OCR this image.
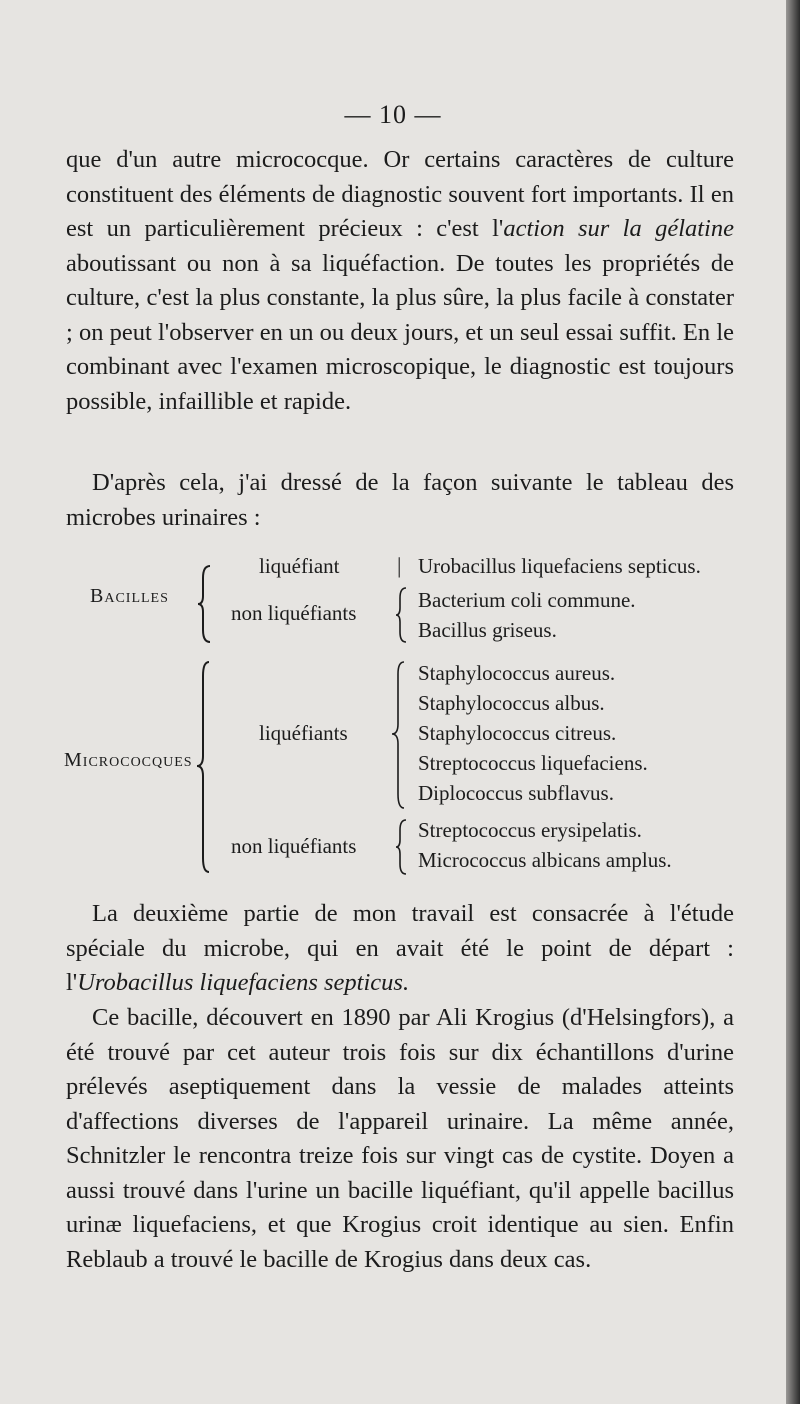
— 10 —

que d'un autre micrococque. Or certains caractères de culture constituent des éléments de diagnostic souvent fort importants. Il en est un particulièrement précieux : c'est l'action sur la gélatine aboutissant ou non à sa liquéfaction. De toutes les propriétés de culture, c'est la plus constante, la plus sûre, la plus facile à constater ; on peut l'observer en un ou deux jours, et un seul essai suffit. En le combinant avec l'examen microscopique, le diagnostic est toujours possible, infaillible et rapide.

D'après cela, j'ai dressé de la façon suivante le tableau des microbes urinaires :

Bacilles
liquéfiant	| Urobacillus liquefaciens septicus.
non liquéfiants
Bacterium coli commune.
Bacillus griseus.
Micrococques
liquéfiants
Staphylococcus aureus.
Staphylococcus albus.
Staphylococcus citreus.
Streptococcus liquefaciens.
Diplococcus subflavus.
non liquéfiants
Streptococcus erysipelatis.
Micrococcus albicans amplus.

La deuxième partie de mon travail est consacrée à l'étude spéciale du microbe, qui en avait été le point de départ : l'Urobacillus liquefaciens septicus.

Ce bacille, découvert en 1890 par Ali Krogius (d'Helsingfors), a été trouvé par cet auteur trois fois sur dix échantillons d'urine prélevés aseptiquement dans la vessie de malades atteints d'affections diverses de l'appareil urinaire. La même année, Schnitzler le rencontra treize fois sur vingt cas de cystite. Doyen a aussi trouvé dans l'urine un bacille liquéfiant, qu'il appelle bacillus urinæ liquefaciens, et que Krogius croit identique au sien. Enfin Reblaub a trouvé le bacille de Krogius dans deux cas.
